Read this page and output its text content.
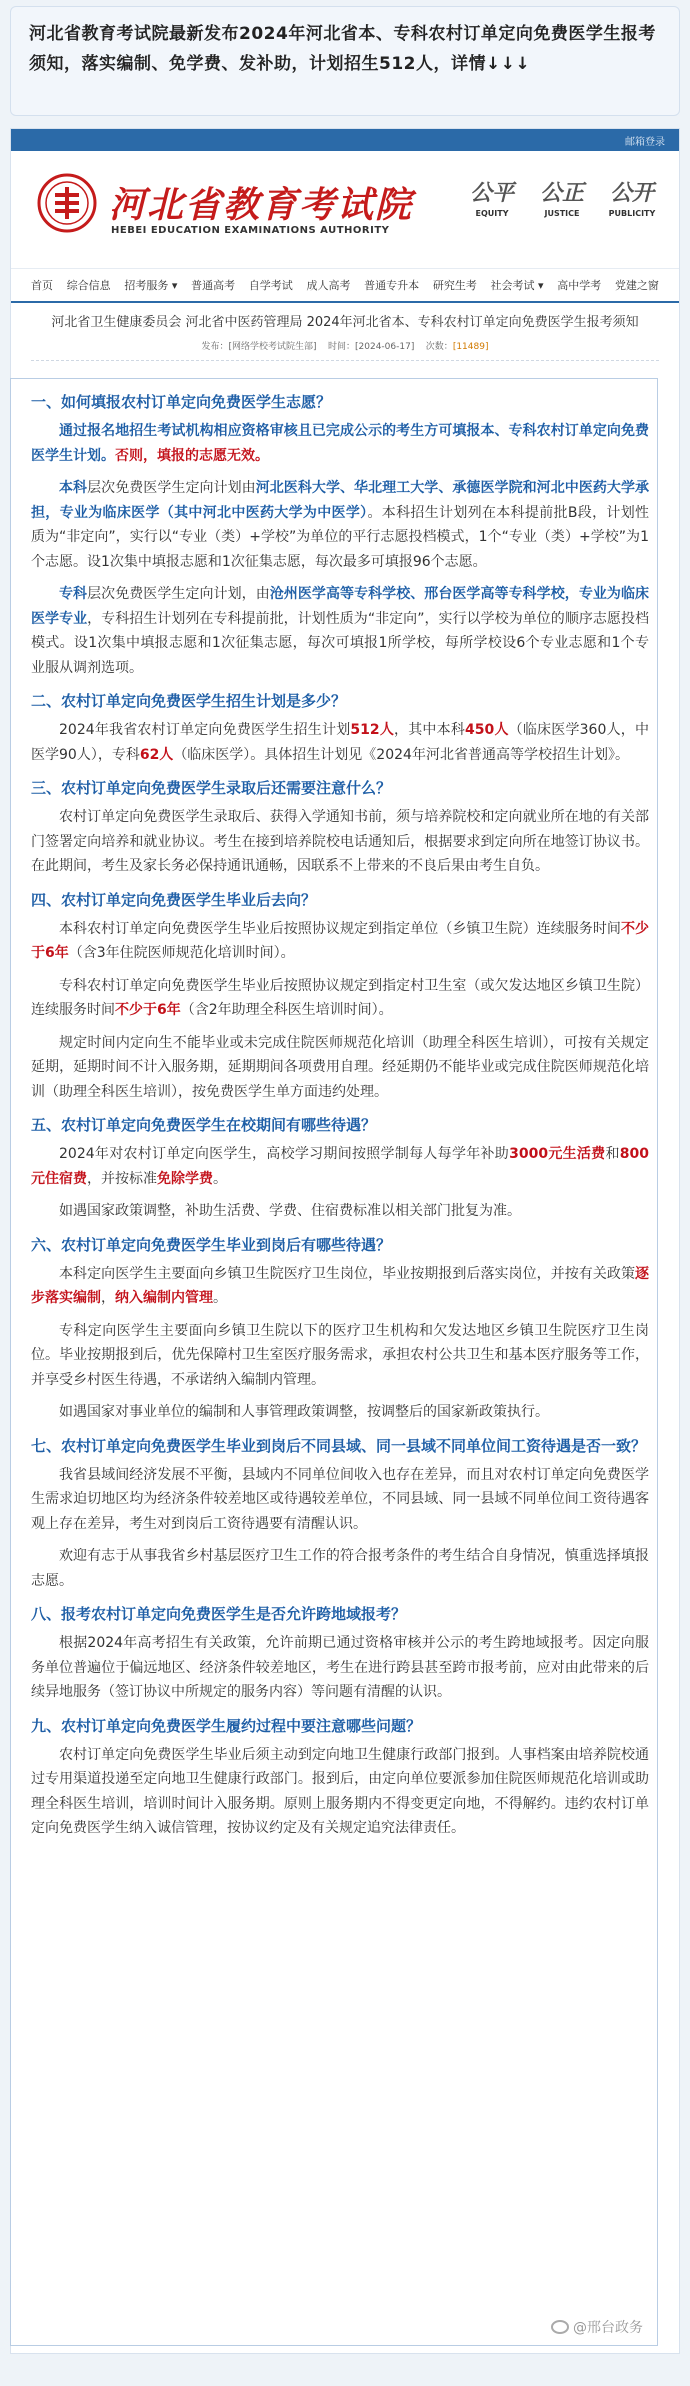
河北省教育考试院最新发布2024年河北省本、专科农村订单定向免费医学生报考须知，落实编制、免学费、发补助，计划招生512人，详情↓↓↓

邮箱登录
河北省教育考试院
HEBEI EDUCATION EXAMINATIONS AUTHORITY
公平
EQUITY
公正
JUSTICE
公开
PUBLICITY
首页 综合信息 招考服务 ▾ 普通高考 自学考试 成人高考 普通专升本 研究生考 社会考试 ▾ 高中学考 党建之窗
河北省卫生健康委员会 河北省中医药管理局 2024年河北省本、专科农村订单定向免费医学生报考须知
发布：[网络学校考试院生部] 时间：[2024-06-17] 次数：[11489]
一、如何填报农村订单定向免费医学生志愿？

通过报名地招生考试机构相应资格审核且已完成公示的考生方可填报本、专科农村订单定向免费医学生计划。否则，填报的志愿无效。

本科层次免费医学生定向计划由河北医科大学、华北理工大学、承德医学院和河北中医药大学承担，专业为临床医学（其中河北中医药大学为中医学）。本科招生计划列在本科提前批B段，计划性质为“非定向”，实行以“专业（类）+学校”为单位的平行志愿投档模式，1个“专业（类）+学校”为1个志愿。设1次集中填报志愿和1次征集志愿，每次最多可填报96个志愿。

专科层次免费医学生定向计划，由沧州医学高等专科学校、邢台医学高等专科学校，专业为临床医学专业，专科招生计划列在专科提前批，计划性质为“非定向”，实行以学校为单位的顺序志愿投档模式。设1次集中填报志愿和1次征集志愿，每次可填报1所学校，每所学校设6个专业志愿和1个专业服从调剂选项。

二、农村订单定向免费医学生招生计划是多少？

2024年我省农村订单定向免费医学生招生计划512人，其中本科450人（临床医学360人，中医学90人），专科62人（临床医学）。具体招生计划见《2024年河北省普通高等学校招生计划》。

三、农村订单定向免费医学生录取后还需要注意什么？

农村订单定向免费医学生录取后、获得入学通知书前，须与培养院校和定向就业所在地的有关部门签署定向培养和就业协议。考生在接到培养院校电话通知后，根据要求到定向所在地签订协议书。在此期间，考生及家长务必保持通讯通畅，因联系不上带来的不良后果由考生自负。

四、农村订单定向免费医学生毕业后去向？

本科农村订单定向免费医学生毕业后按照协议规定到指定单位（乡镇卫生院）连续服务时间不少于6年（含3年住院医师规范化培训时间）。

专科农村订单定向免费医学生毕业后按照协议规定到指定村卫生室（或欠发达地区乡镇卫生院）连续服务时间不少于6年（含2年助理全科医生培训时间）。

规定时间内定向生不能毕业或未完成住院医师规范化培训（助理全科医生培训），可按有关规定延期，延期时间不计入服务期，延期期间各项费用自理。经延期仍不能毕业或完成住院医师规范化培训（助理全科医生培训），按免费医学生单方面违约处理。

五、农村订单定向免费医学生在校期间有哪些待遇？

2024年对农村订单定向医学生，高校学习期间按照学制每人每学年补助3000元生活费和800元住宿费，并按标准免除学费。

如遇国家政策调整，补助生活费、学费、住宿费标准以相关部门批复为准。

六、农村订单定向免费医学生毕业到岗后有哪些待遇？

本科定向医学生主要面向乡镇卫生院医疗卫生岗位，毕业按期报到后落实岗位，并按有关政策逐步落实编制，纳入编制内管理。

专科定向医学生主要面向乡镇卫生院以下的医疗卫生机构和欠发达地区乡镇卫生院医疗卫生岗位。毕业按期报到后，优先保障村卫生室医疗服务需求，承担农村公共卫生和基本医疗服务等工作，并享受乡村医生待遇，不承诺纳入编制内管理。

如遇国家对事业单位的编制和人事管理政策调整，按调整后的国家新政策执行。

七、农村订单定向免费医学生毕业到岗后不同县域、同一县域不同单位间工资待遇是否一致？

我省县域间经济发展不平衡，县域内不同单位间收入也存在差异，而且对农村订单定向免费医学生需求迫切地区均为经济条件较差地区或待遇较差单位，不同县域、同一县域不同单位间工资待遇客观上存在差异，考生对到岗后工资待遇要有清醒认识。

欢迎有志于从事我省乡村基层医疗卫生工作的符合报考条件的考生结合自身情况，慎重选择填报志愿。

八、报考农村订单定向免费医学生是否允许跨地域报考？

根据2024年高考招生有关政策，允许前期已通过资格审核并公示的考生跨地域报考。因定向服务单位普遍位于偏远地区、经济条件较差地区，考生在进行跨县甚至跨市报考前，应对由此带来的后续异地服务（签订协议中所规定的服务内容）等问题有清醒的认识。

九、农村订单定向免费医学生履约过程中要注意哪些问题？

农村订单定向免费医学生毕业后须主动到定向地卫生健康行政部门报到。人事档案由培养院校通过专用渠道投递至定向地卫生健康行政部门。报到后，由定向单位要派参加住院医师规范化培训或助理全科医生培训，培训时间计入服务期。原则上服务期内不得变更定向地，不得解约。违约农村订单定向免费医学生纳入诚信管理，按协议约定及有关规定追究法律责任。

@邢台政务
